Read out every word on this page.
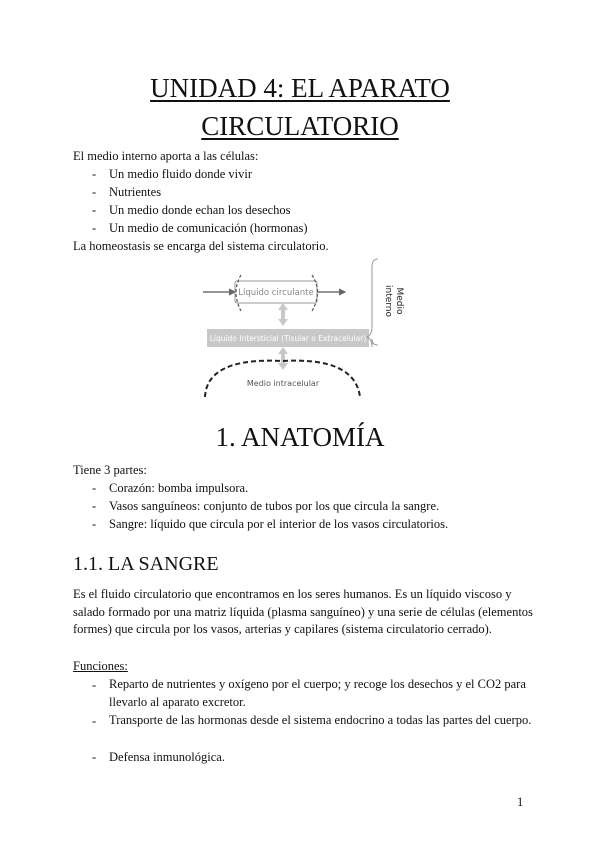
UNIDAD 4: EL APARATO
CIRCULATORIO
El medio interno aporta a las células:
- Un medio fluido donde vivir
- Nutrientes
- Un medio donde echan los desechos
- Un medio de comunicación (hormonas)
La homeostasis se encarga del sistema circulatorio.
Líquido circulante
Líquido Intersticial (Tisular o Extracelular)
Medio intracelular
Medio
interno
1. ANATOMÍA
Tiene 3 partes:
- Corazón: bomba impulsora.
- Vasos sanguíneos: conjunto de tubos por los que circula la sangre.
- Sangre: líquido que circula por el interior de los vasos circulatorios.
1.1. LA SANGRE

Es el fluido circulatorio que encontramos en los seres humanos. Es un líquido viscoso y salado formado por una matriz líquida (plasma sanguíneo) y una serie de células (elementos formes) que circula por los vasos, arterias y capilares (sistema circulatorio cerrado).

Funciones:
- Reparto de nutrientes y oxígeno por el cuerpo; y recoge los desechos y el CO2 para llevarlo al aparato excretor.

- Transporte de las hormonas desde el sistema endocrino a todas las partes del cuerpo.

- Defensa inmunológica.
1
